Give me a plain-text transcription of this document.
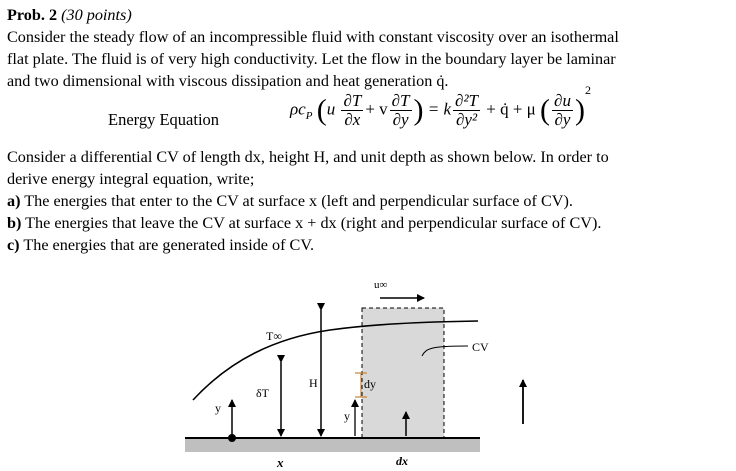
Prob. 2 (30 points)
Consider the steady flow of an incompressible fluid with constant viscosity over an isothermal
flat plate. The fluid is of very high conductivity. Let the flow in the boundary layer be laminar
and two dimensional with viscous dissipation and heat generation q̇.
Energy Equation
$\rho c_P$ ($u \frac{\partial T}{\partial x} + v \frac{\partial T}{\partial y}$ ) = k $\frac{\text{∂²T}}{\text{∂y²}}$ + q̇ + μ ( $\frac{\partial u}{\partial y} )^2$
Consider a differential CV of length dx, height H, and unit depth as shown below. In order to
derive energy integral equation, write;
a) The energies that enter to the CV at surface x (left and perpendicular surface of CV).
b) The energies that leave the CV at surface x + dx (right and perpendicular surface of CV).
c) The energies that are generated inside of CV.
y
x
δT
T∞
H
y
dy
dx
u∞
CV
